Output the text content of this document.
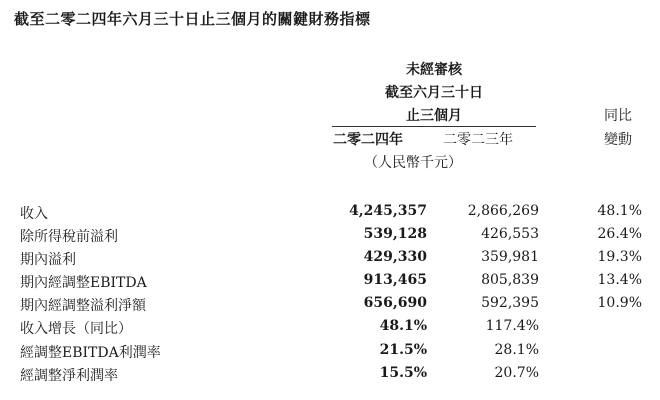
截至二零二四年六月三十日止三個月的關鍵財務指標
未經審核
截至六月三十日
止三個月
二零二四年	二零二三年
（人民幣千元）
同比
變動
收入	4,245,357	2,866,269	48.1%
除所得稅前溢利	539,128	426,553	26.4%
期內溢利	429,330	359,981	19.3%
期內經調整EBITDA	913,465	805,839	13.4%
期內經調整溢利淨額	656,690	592,395	10.9%
收入增長（同比）	48.1%	117.4%
經調整EBITDA利潤率	21.5%	28.1%
經調整淨利潤率	15.5%	20.7%
